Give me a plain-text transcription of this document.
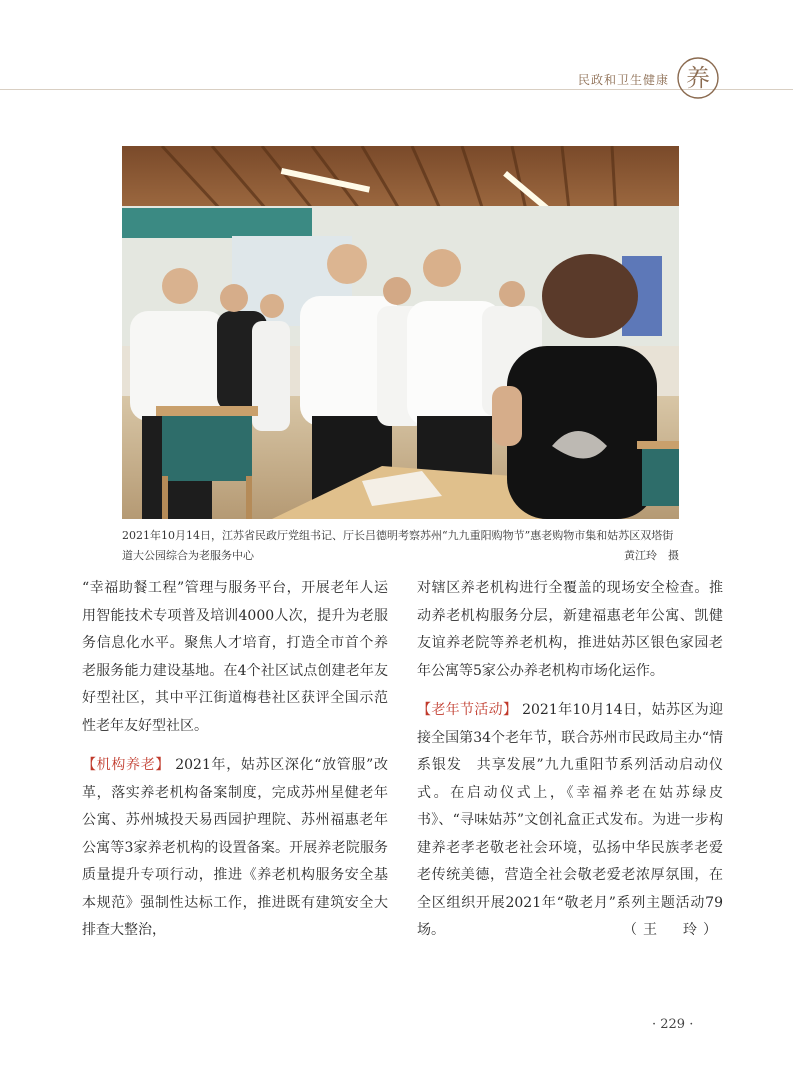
民政和卫生健康 养
2021年10月14日，江苏省民政厅党组书记、厅长吕德明考察苏州“九九重阳购物节”惠老购物市集和姑苏区双塔街道大公园综合为老服务中心	黄江玲　摄

“幸福助餐工程”管理与服务平台，开展老年人运用智能技术专项普及培训4000人次，提升为老服务信息化水平。聚焦人才培育，打造全市首个养老服务能力建设基地。在4个社区试点创建老年友好型社区，其中平江街道梅巷社区获评全国示范性老年友好型社区。

【机构养老】 2021年，姑苏区深化“放管服”改革，落实养老机构备案制度，完成苏州星健老年公寓、苏州城投天易西园护理院、苏州福惠老年公寓等3家养老机构的设置备案。开展养老院服务质量提升专项行动，推进《养老机构服务安全基本规范》强制性达标工作，推进既有建筑安全大排查大整治，

对辖区养老机构进行全覆盖的现场安全检查。推动养老机构服务分层，新建福惠老年公寓、凯健友谊养老院等养老机构，推进姑苏区银色家园老年公寓等5家公办养老机构市场化运作。

【老年节活动】 2021年10月14日，姑苏区为迎接全国第34个老年节，联合苏州市民政局主办“情系银发　共享发展”九九重阳节系列活动启动仪式。在启动仪式上，《幸福养老在姑苏绿皮书》、“寻味姑苏”文创礼盒正式发布。为进一步构建养老孝老敬老社会环境，弘扬中华民族孝老爱老传统美德，营造全社会敬老爱老浓厚氛围，在全区组织开展2021年“敬老月”系列主题活动79场。	（王　玲）

· 229 ·
